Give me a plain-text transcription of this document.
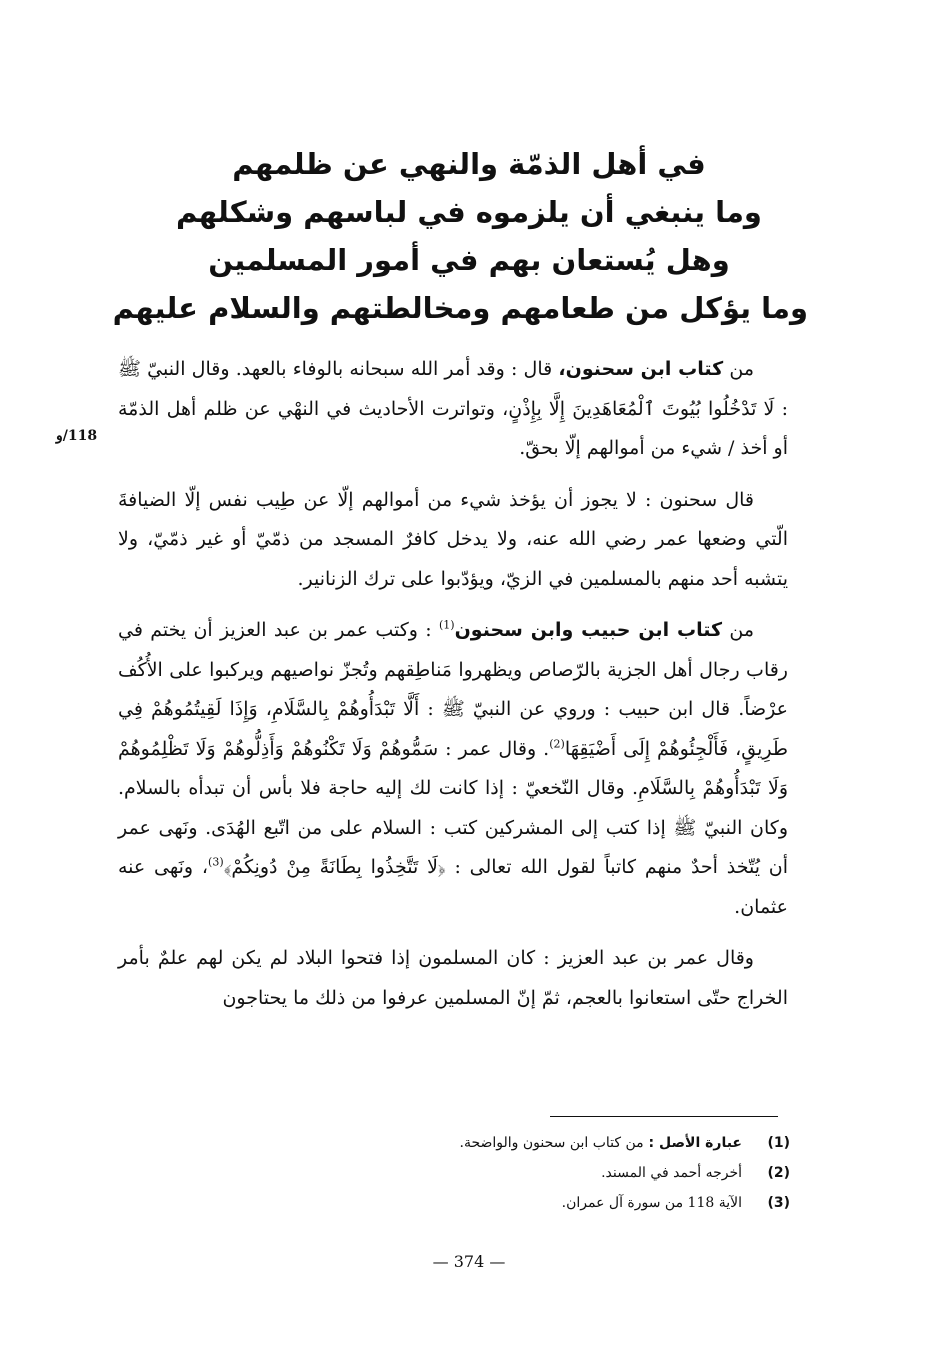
في أهل الذمّة والنهي عن ظلمهم

وما ينبغي أن يلزموه في لباسهم وشكلهم

وهل يُستعان بهم في أمور المسلمين

وما يؤكل من طعامهم ومخالطتهم والسلام عليهم

118/و

من كتاب ابن سحنون، قال : وقد أمر الله سبحانه بالوفاء بالعهد. وقال النبيّ ﷺ : لَا تَدْخُلُوا بُيُوتَ ٱلْمُعَاهَدِينَ إِلَّا بِإِذْنٍ، وتواترت الأحاديث في النهْي عن ظلم أهل الذمّة أو أخذ / شيء من أموالهم إلّا بحقّ.

قال سحنون : لا يجوز أن يؤخذ شيء من أموالهم إلّا عن طِيب نفس إلّا الضيافةَ الّتي وضعها عمر رضي الله عنه، ولا يدخل كافرٌ المسجد من ذمّيّ أو غير ذمّيّ، ولا يتشبه أحد منهم بالمسلمين في الزيّ، ويؤدّبوا على ترك الزنانير.

من كتاب ابن حبيب وابن سحنون$^{(1)}$ : وكتب عمر بن عبد العزيز أن يختم في رقاب رجال أهل الجزية بالرّصاص ويظهروا مَناطِقهم وتُجزّ نواصيهم ويركبوا على الأُكُف عرْضاً. قال ابن حبيب : وروي عن النبيّ ﷺ : أَلَّا تَبْدَأُوهُمْ بِالسَّلَامِ، وَإِذَا لَقِيتُمُوهُمْ فِي طَرِيقٍ، فَأَلْجِئُوهُمْ إِلَى أَضْيَقِهَا$^{(2)}$. وقال عمر : سَمُّوهُمْ وَلَا تَكْنُوهُمْ وَأَذِلُّوهُمْ وَلَا تَظْلِمُوهُمْ وَلَا تَبْدَأُوهُمْ بِالسَّلَامِ. وقال النّخعيّ : إذا كانت لك إليه حاجة فلا بأس أن تبدأه بالسلام. وكان النبيّ ﷺ إذا كتب إلى المشركين كتب : السلام على من اتّبع الهُدَى. ونَهى عمر أن يُتّخذ أحدٌ منهم كاتباً لقول الله تعالى : ﴿لَا تَتَّخِذُوا بِطَانَةً مِنْ دُونِكُمْ﴾$^{(3)}$، ونَهى عنه عثمان.

وقال عمر بن عبد العزيز : كان المسلمون إذا فتحوا البلاد لم يكن لهم علمٌ بأمر الخراج حتّى استعانوا بالعجم، ثمّ إنّ المسلمين عرفوا من ذلك ما يحتاجون

(1)
عبارة الأصل : من كتاب ابن سحنون والواضحة.
(2)
أخرجه أحمد في المسند.
(3)
الآية 118 من سورة آل عمران.
— 374 —
